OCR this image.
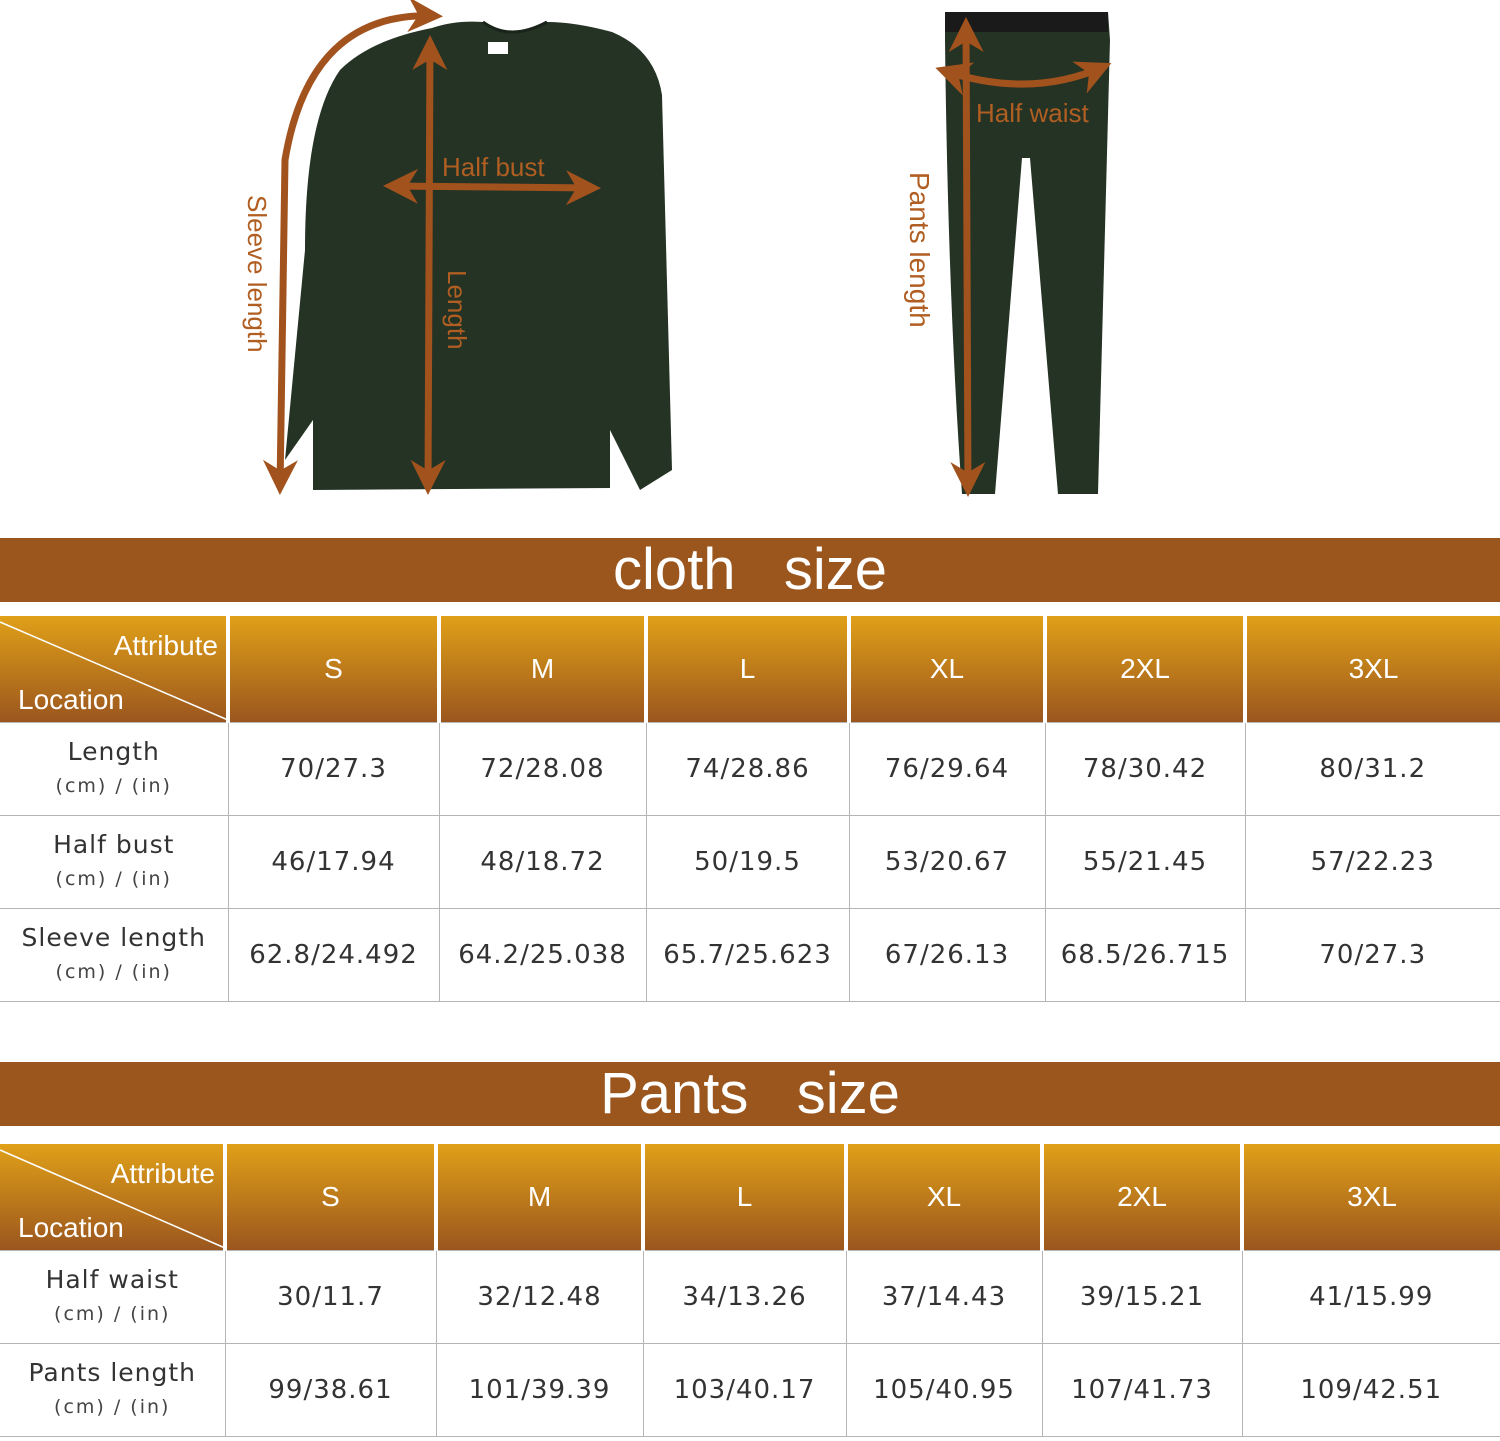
Sleeve length
Half bust
Length
Half waist
Pants length
cloth   size
Attribute
Location	S	M	L	XL	2XL	3XL
Length
(cm) / (in)	70/27.3	72/28.08	74/28.86	76/29.64	78/30.42	80/31.2
Half bust
(cm) / (in)	46/17.94	48/18.72	50/19.5	53/20.67	55/21.45	57/22.23
Sleeve length
(cm) / (in)	62.8/24.492	64.2/25.038	65.7/25.623	67/26.13	68.5/26.715	70/27.3
Pants   size
Attribute
Location	S	M	L	XL	2XL	3XL
Half waist
(cm) / (in)	30/11.7	32/12.48	34/13.26	37/14.43	39/15.21	41/15.99
Pants length
(cm) / (in)	99/38.61	101/39.39	103/40.17	105/40.95	107/41.73	109/42.51
